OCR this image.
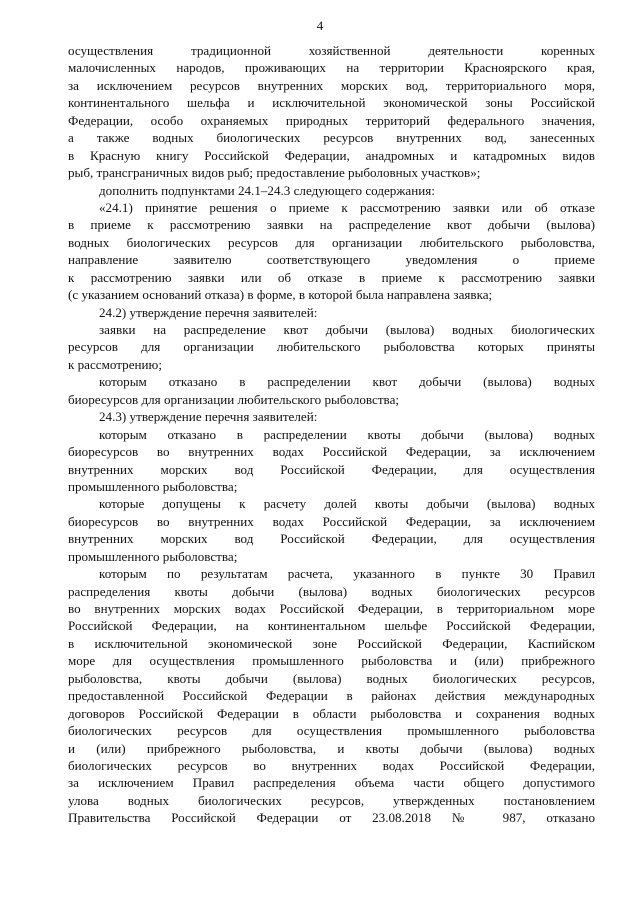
4
осуществления традиционной хозяйственной деятельности коренных
малочисленных народов, проживающих на территории Красноярского края,
за исключением ресурсов внутренних морских вод, территориального моря,
континентального шельфа и исключительной экономической зоны Российской
Федерации, особо охраняемых природных территорий федерального значения,
а также водных биологических ресурсов внутренних вод, занесенных
в Красную книгу Российской Федерации, анадромных и катадромных видов
рыб, трансграничных видов рыб; предоставление рыболовных участков»;
дополнить подпунктами 24.1–24.3 следующего содержания:
«24.1) принятие решения о приеме к рассмотрению заявки или об отказе
в приеме к рассмотрению заявки на распределение квот добычи (вылова)
водных биологических ресурсов для организации любительского рыболовства,
направление заявителю соответствующего уведомления о приеме
к рассмотрению заявки или об отказе в приеме к рассмотрению заявки
(с указанием оснований отказа) в форме, в которой была направлена заявка;
24.2) утверждение перечня заявителей:
заявки на распределение квот добычи (вылова) водных биологических
ресурсов для организации любительского рыболовства которых приняты
к рассмотрению;
которым отказано в распределении квот добычи (вылова) водных
биоресурсов для организации любительского рыболовства;
24.3) утверждение перечня заявителей:
которым отказано в распределении квоты добычи (вылова) водных
биоресурсов во внутренних водах Российской Федерации, за исключением
внутренних морских вод Российской Федерации, для осуществления
промышленного рыболовства;
которые допущены к расчету долей квоты добычи (вылова) водных
биоресурсов во внутренних водах Российской Федерации, за исключением
внутренних морских вод Российской Федерации, для осуществления
промышленного рыболовства;
которым по результатам расчета, указанного в пункте 30 Правил
распределения квоты добычи (вылова) водных биологических ресурсов
во внутренних морских водах Российской Федерации, в территориальном море
Российской Федерации, на континентальном шельфе Российской Федерации,
в исключительной экономической зоне Российской Федерации, Каспийском
море для осуществления промышленного рыболовства и (или) прибрежного
рыболовства, квоты добычи (вылова) водных биологических ресурсов,
предоставленной Российской Федерации в районах действия международных
договоров Российской Федерации в области рыболовства и сохранения водных
биологических ресурсов для осуществления промышленного рыболовства
и (или) прибрежного рыболовства, и квоты добычи (вылова) водных
биологических ресурсов во внутренних водах Российской Федерации,
за исключением Правил распределения объема части общего допустимого
улова водных биологических ресурсов, утвержденных постановлением
Правительства Российской Федерации от 23.08.2018 № 987, отказано
